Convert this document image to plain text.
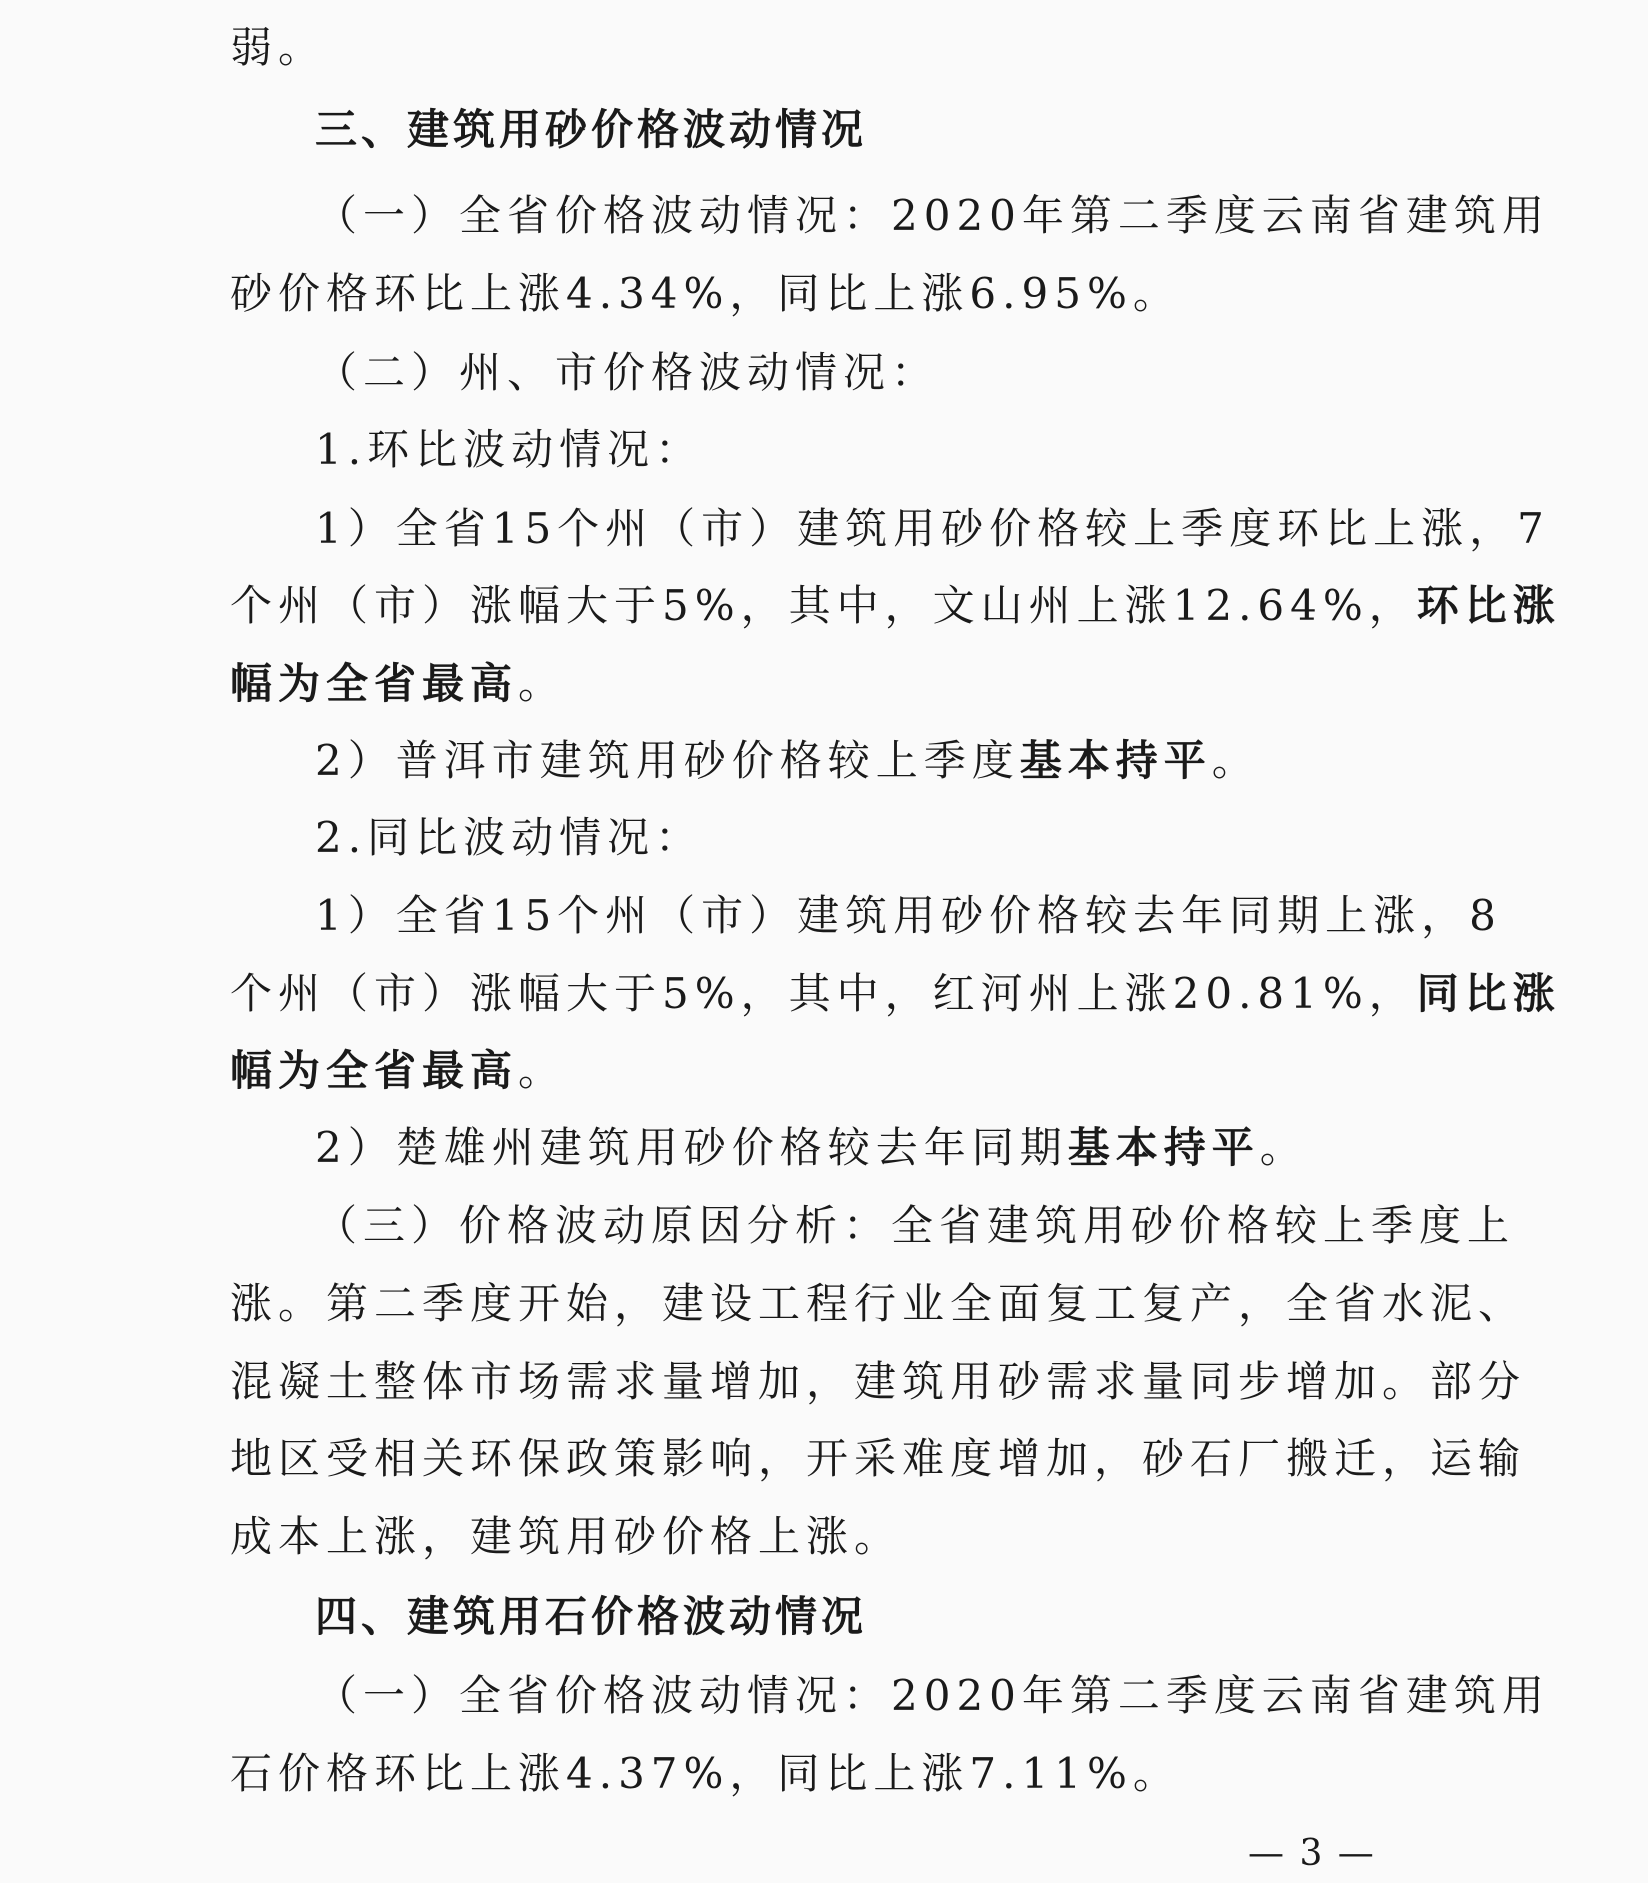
弱。
三、建筑用砂价格波动情况
（一）全省价格波动情况：2020年第二季度云南省建筑用
砂价格环比上涨4.34%，同比上涨6.95%。
（二）州、市价格波动情况：
1.环比波动情况：
1）全省15个州（市）建筑用砂价格较上季度环比上涨，7
个州（市）涨幅大于5%，其中，文山州上涨12.64%，环比涨
幅为全省最高。
2）普洱市建筑用砂价格较上季度基本持平。
2.同比波动情况：
1）全省15个州（市）建筑用砂价格较去年同期上涨，8
个州（市）涨幅大于5%，其中，红河州上涨20.81%，同比涨
幅为全省最高。
2）楚雄州建筑用砂价格较去年同期基本持平。
（三）价格波动原因分析：全省建筑用砂价格较上季度上
涨。第二季度开始，建设工程行业全面复工复产，全省水泥、
混凝土整体市场需求量增加，建筑用砂需求量同步增加。部分
地区受相关环保政策影响，开采难度增加，砂石厂搬迁，运输
成本上涨，建筑用砂价格上涨。
四、建筑用石价格波动情况
（一）全省价格波动情况：2020年第二季度云南省建筑用
石价格环比上涨4.37%，同比上涨7.11%。
— 3 —
